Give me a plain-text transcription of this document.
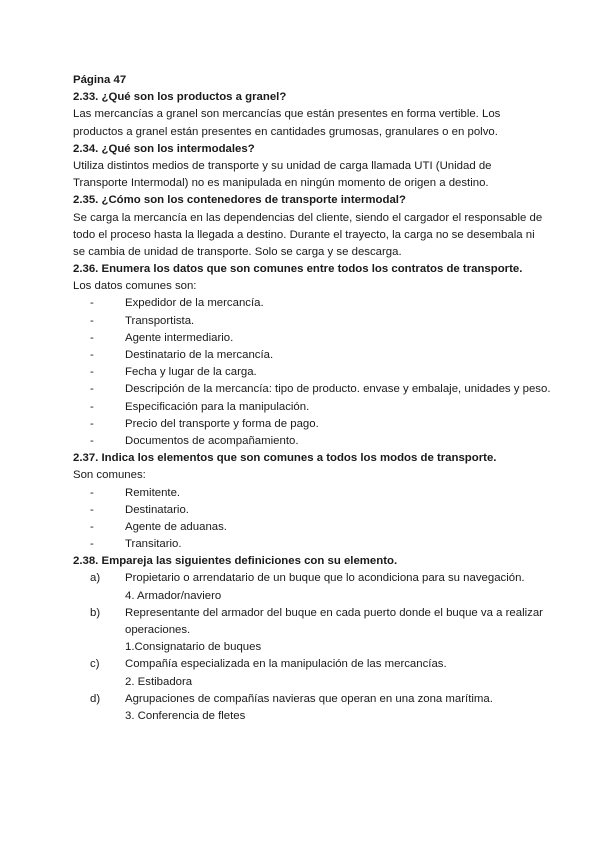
Página 47
2.33. ¿Qué son los productos a granel?
Las mercancías a granel son mercancías que están presentes en forma vertible. Los
productos a granel están presentes en cantidades grumosas, granulares o en polvo.
2.34. ¿Qué son los intermodales?
Utiliza distintos medios de transporte y su unidad de carga llamada UTI (Unidad de
Transporte Intermodal) no es manipulada en ningún momento de origen a destino.
2.35. ¿Cómo son los contenedores de transporte intermodal?
Se carga la mercancía en las dependencias del cliente, siendo el cargador el responsable de
todo el proceso hasta la llegada a destino. Durante el trayecto, la carga no se desembala ni
se cambia de unidad de transporte. Solo se carga y se descarga.
2.36. Enumera los datos que son comunes entre todos los contratos de transporte.
Los datos comunes son:
-	Expedidor de la mercancía.
-	Transportista.
-	Agente intermediario.
-	Destinatario de la mercancía.
-	Fecha y lugar de la carga.
-	Descripción de la mercancía: tipo de producto. envase y embalaje, unidades y peso.
-	Especificación para la manipulación.
-	Precio del transporte y forma de pago.
-	Documentos de acompañamiento.
2.37. Indica los elementos que son comunes a todos los modos de transporte.
Son comunes:
-	Remitente.
-	Destinatario.
-	Agente de aduanas.
-	Transitario.
2.38. Empareja las siguientes definiciones con su elemento.
a) Propietario o arrendatario de un buque que lo acondiciona para su navegación.
4. Armador/naviero
b) Representante del armador del buque en cada puerto donde el buque va a realizar
operaciones.
1.Consignatario de buques
c) Compañía especializada en la manipulación de las mercancías.
2. Estibadora
d) Agrupaciones de compañías navieras que operan en una zona marítima.
3. Conferencia de fletes
